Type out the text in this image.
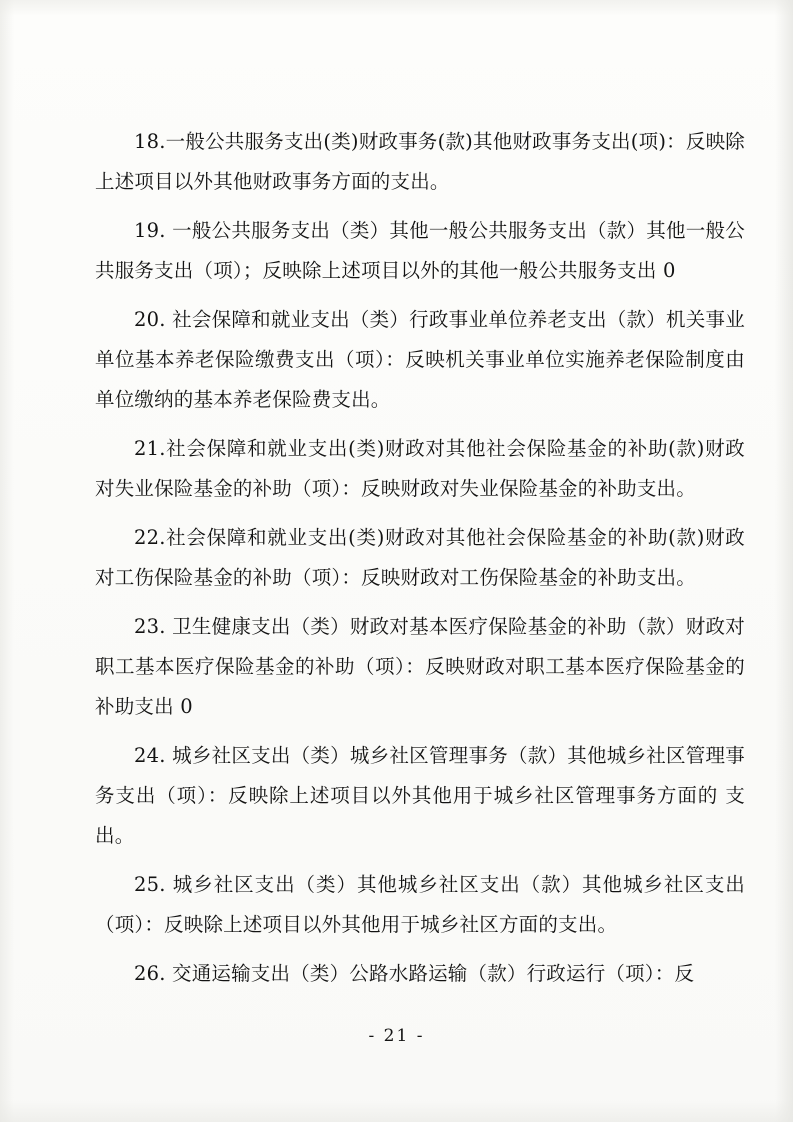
18.一般公共服务支出(类)财政事务(款)其他财政事务支出(项)：反映除上述项目以外其他财政事务方面的支出。

19. 一般公共服务支出（类）其他一般公共服务支出（款）其他一般公共服务支出（项）；反映除上述项目以外的其他一般公共服务支出 0

20. 社会保障和就业支出（类）行政事业单位养老支出（款）机关事业单位基本养老保险缴费支出（项）：反映机关事业单位实施养老保险制度由单位缴纳的基本养老保险费支出。

21.社会保障和就业支出(类)财政对其他社会保险基金的补助(款)财政对失业保险基金的补助（项）：反映财政对失业保险基金的补助支出。

22.社会保障和就业支出(类)财政对其他社会保险基金的补助(款)财政对工伤保险基金的补助（项）：反映财政对工伤保险基金的补助支出。

23. 卫生健康支出（类）财政对基本医疗保险基金的补助（款）财政对职工基本医疗保险基金的补助（项）：反映财政对职工基本医疗保险基金的补助支出 0

24. 城乡社区支出（类）城乡社区管理事务（款）其他城乡社区管理事务支出（项）：反映除上述项目以外其他用于城乡社区管理事务方面的 支出。

25. 城乡社区支出（类）其他城乡社区支出（款）其他城乡社区支出（项）：反映除上述项目以外其他用于城乡社区方面的支出。

26. 交通运输支出（类）公路水路运输（款）行政运行（项）：反

- 21 -
